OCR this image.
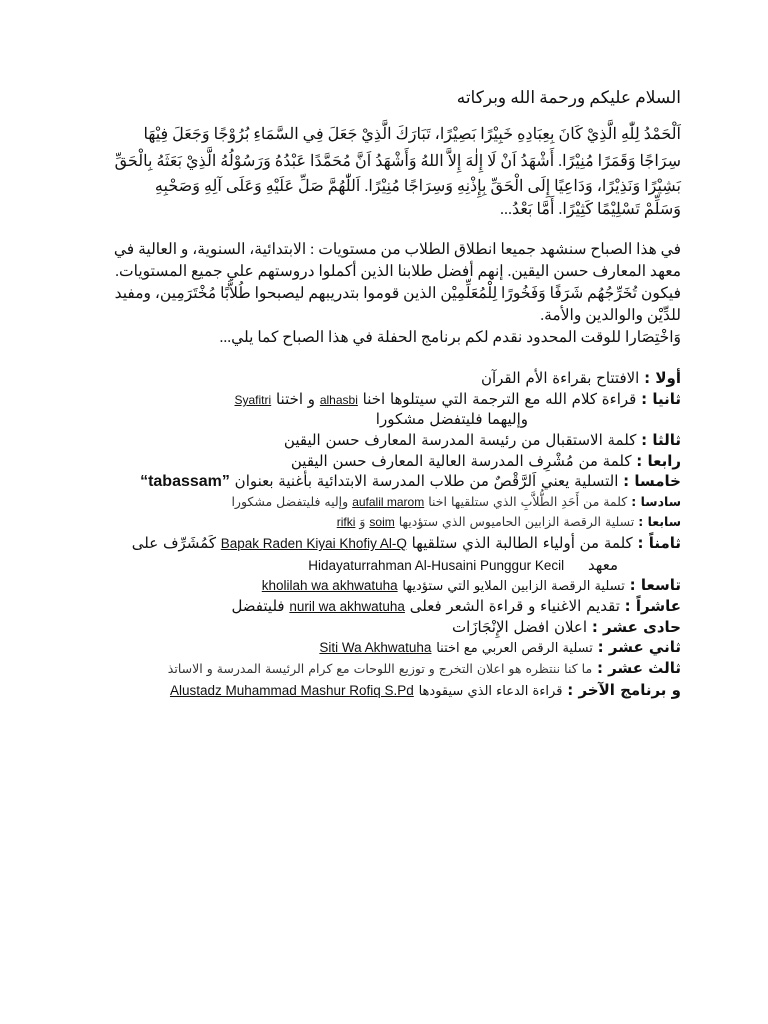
السلام عليكم ورحمة الله وبركاته
اَلْحَمْدُ لِلّٰهِ الَّذِيْ كَانَ بِعِبَادِهِ خَبِيْرًا بَصِيْرًا، تَبَارَكَ الَّذِيْ جَعَلَ فِي السَّمَاءِ بُرُوْجًا وَجَعَلَ فِيْهَا
سِرَاجًا وَقَمَرًا مُنِيْرًا. أَشْهَدُ اَنْ لَا إِلٰهَ إِلاَّ اللهُ وَأَشْهَدُ اَنَّ مُحَمَّدًا عَبْدُهُ وَرَسُوْلُهُ الَّذِيْ بَعَثَهُ بِالْحَقِّ
بَشِيْرًا وَنَذِيْرًا، وَدَاعِيًا إِلَى الْحَقِّ بِإِذْنِهِ وَسِرَاجًا مُنِيْرًا. اَللّٰهُمَّ صَلِّ عَلَيْهِ وَعَلَى آلِهِ وَصَحْبِهِ
وَسَلِّمْ تَسْلِيْمًا كَثِيْرًا. أَمَّا بَعْدُ...
في هذا الصباح سنشهد جميعا انطلاق الطلاب من مستويات : الابتدائية، السنوية، و العالية في
معهد المعارف حسن اليقين. إنهم أفضل طلابنا الذين أكملوا دروستهم علي جميع المستويات.
فيكون تُخَرِّجُهُم شَرَفًا وَفَخُورًا لِلْمُعَلِّمِيْن الذين قوموا بتدريبهم ليصبحوا طُلاَّبًا مُخْتَرَمِين، ومفيد
للدِّيْن والوالدين والأمة.
وَاخْتِصَارا للوقت المحدود نقدم لكم برنامج الحفلة في هذا الصباح كما يلي...
أولا : الافتتاح بقراءة الأم القرآن
ثانيا : قراءة كلام الله مع الترجمة التي سيتلوها اخنا alhasbi و اختنا Syafitri
وإليهما فليتفضل مشكورا
ثالثا : كلمة الاستقبال من رئيسة المدرسة المعارف حسن اليقين
رابعا : كلمة من مُشْرِف المدرسة العالية المعارف حسن اليقين
خامسا : التسلية يعني اَلرَّقْصٌ من طلاب المدرسة الابتدائية بأغنية بعنوان “tabassam”
سادسا : كلمة من أَحَدِ الطُّلاَّبِ الذي ستلقيها اخنا aufalil marom وإليه فليتفضل مشكورا
سابعا : تسلية الرقصة الزابين الحاميوس الذي ستؤديها soim وَ rifki
ثامناً : كلمة من أولياء الطالبة الذي ستلقيها Bapak Raden Kiyai Khofiy Al-Q كَمُشَرِّف على
معهد     Hidayaturrahman Al-Husaini Punggur Kecil
تاسعا : تسلية الرقصة الزابين الملايو التي ستؤديها kholilah wa akhwatuha
عاشراً : تقديم الاغنياء و قراءة الشعر فعلى nuril wa akhwatuha فليتفضل
حادى عشر : اعلان افضل الإِنْجَازَات
ثاني عشر : تسلية الرقص العربي مع اختنا Siti Wa Akhwatuha
ثالث عشر : ما كنا ننتظره هو اعلان التخرج و توزيع اللوحات مع كرام الرئيسة المدرسة و الاساتذ
و برنامج الآخر : قراءة الدعاء الذي سيقودها Alustadz Muhammad Mashur Rofiq S.Pd
